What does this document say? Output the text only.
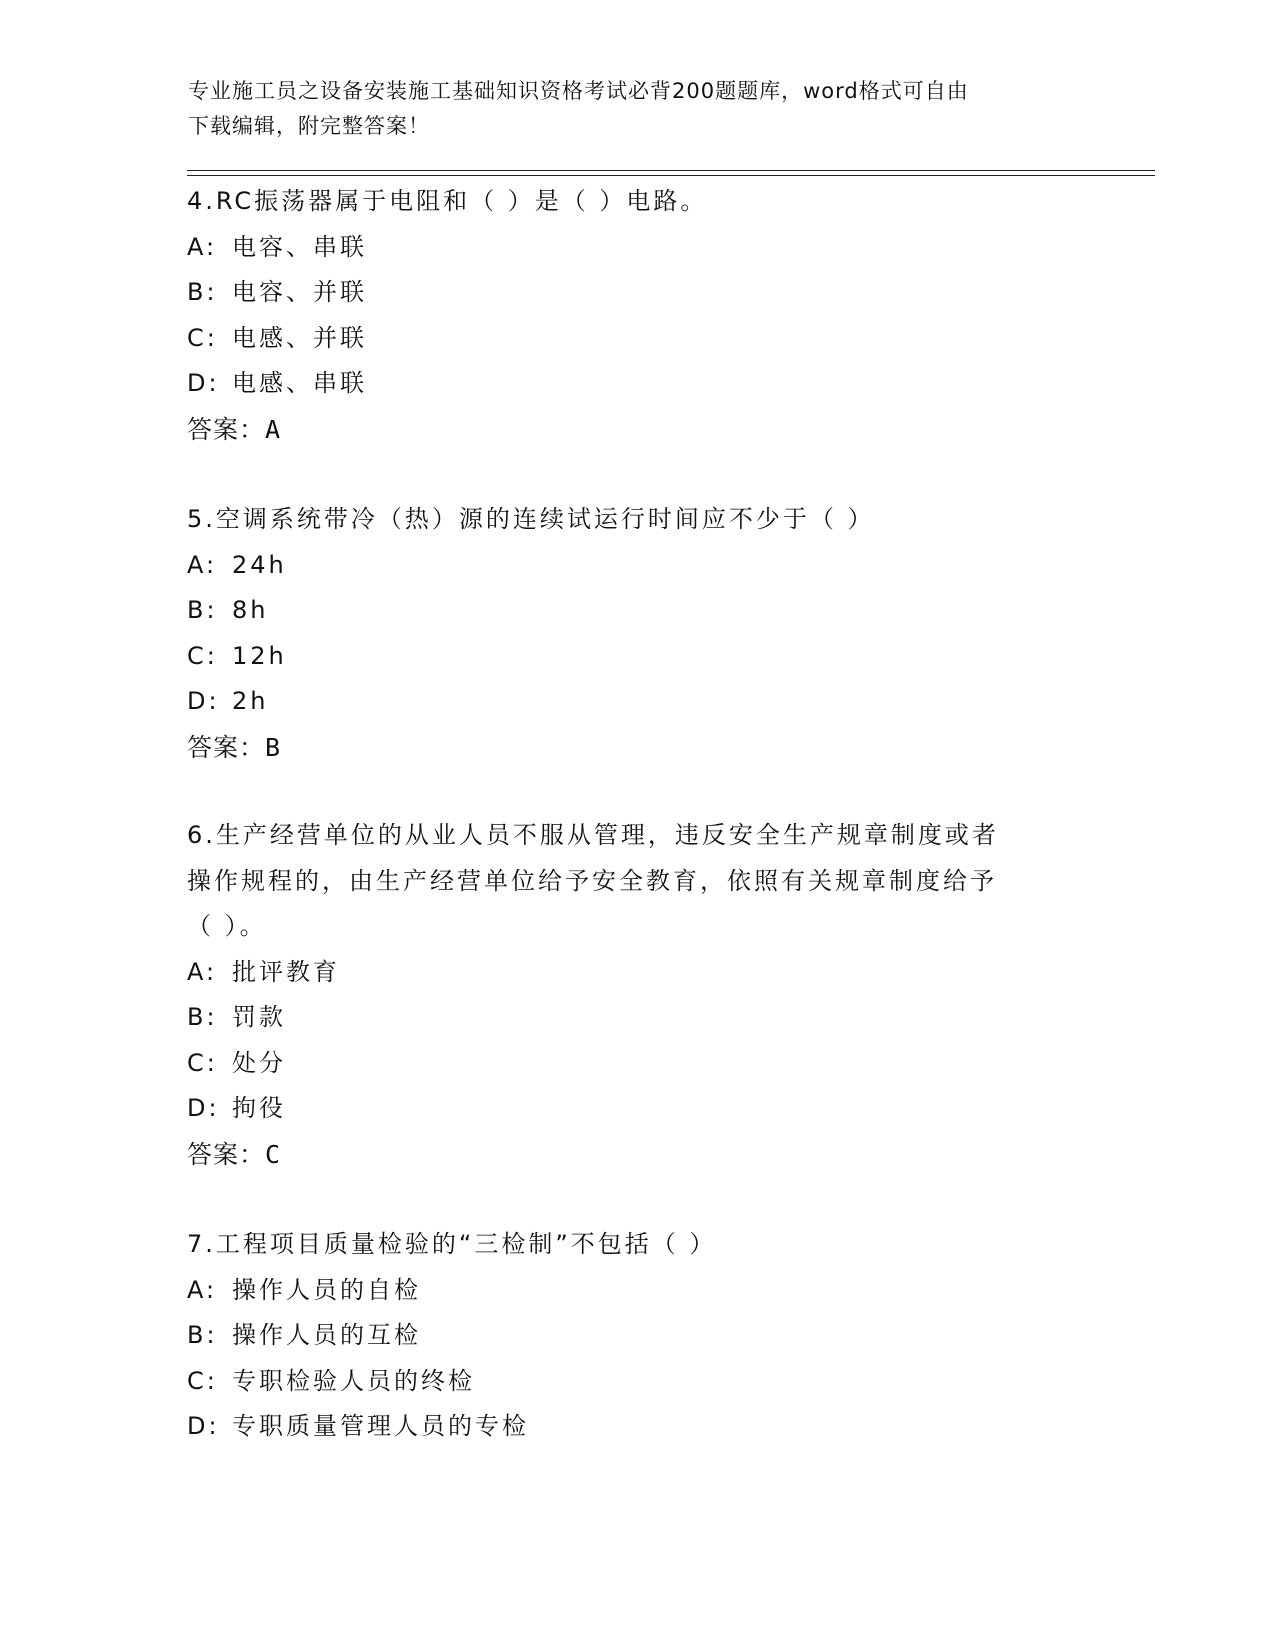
专业施工员之设备安装施工基础知识资格考试必背200题题库，word格式可自由
下载编辑，附完整答案！
4.RC振荡器属于电阻和（ ）是（ ）电路。
A: 电容、串联
B: 电容、并联
C: 电感、并联
D: 电感、串联
答案：A
5.空调系统带冷（热）源的连续试运行时间应不少于（ ）
A: 24h
B: 8h
C: 12h
D: 2h
答案：B
6.生产经营单位的从业人员不服从管理，违反安全生产规章制度或者
操作规程的，由生产经营单位给予安全教育，依照有关规章制度给予
（ ）。
A: 批评教育
B: 罚款
C: 处分
D: 拘役
答案：C
7.工程项目质量检验的“三检制”不包括（ ）
A: 操作人员的自检
B: 操作人员的互检
C: 专职检验人员的终检
D: 专职质量管理人员的专检
